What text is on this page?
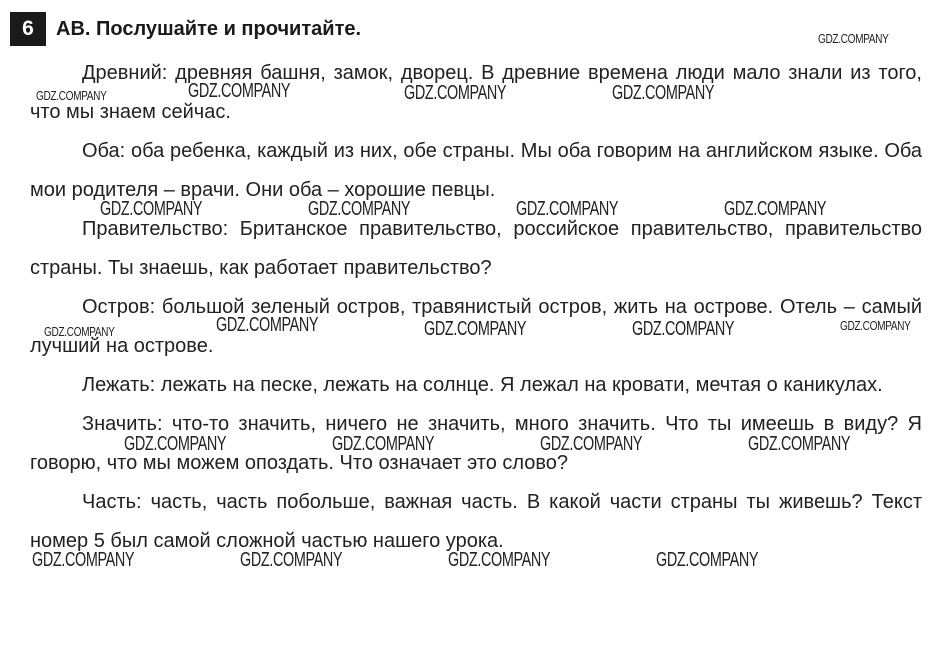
6	AB. Послушайте и прочитайте.

Древний: древняя башня, замок, дворец. В древние времена люди мало знали из того, что мы знаем сейчас.

Оба: оба ребенка, каждый из них, обе страны. Мы оба говорим на английском языке. Оба мои родителя – врачи. Они оба – хорошие певцы.

Правительство: Британское правительство, российское правительство, правительство страны. Ты знаешь, как работает правительство?

Остров: большой зеленый остров, травянистый остров, жить на острове. Отель – самый лучший на острове.

Лежать: лежать на песке, лежать на солнце. Я лежал на кровати, мечтая о каникулах.

Значить: что-то значить, ничего не значить, много значить. Что ты имеешь в виду? Я говорю, что мы можем опоздать. Что означает это слово?

Часть: часть, часть побольше, важная часть. В какой части страны ты живешь? Текст номер 5 был самой сложной частью нашего урока.

GDZ.COMPANY
GDZ.COMPANY	GDZ.COMPANY	GDZ.COMPANY	GDZ.COMPANY
GDZ.COMPANY	GDZ.COMPANY	GDZ.COMPANY	GDZ.COMPANY
GDZ.COMPANY	GDZ.COMPANY	GDZ.COMPANY	GDZ.COMPANY	GDZ.COMPANY
GDZ.COMPANY	GDZ.COMPANY	GDZ.COMPANY	GDZ.COMPANY
GDZ.COMPANY	GDZ.COMPANY	GDZ.COMPANY	GDZ.COMPANY
